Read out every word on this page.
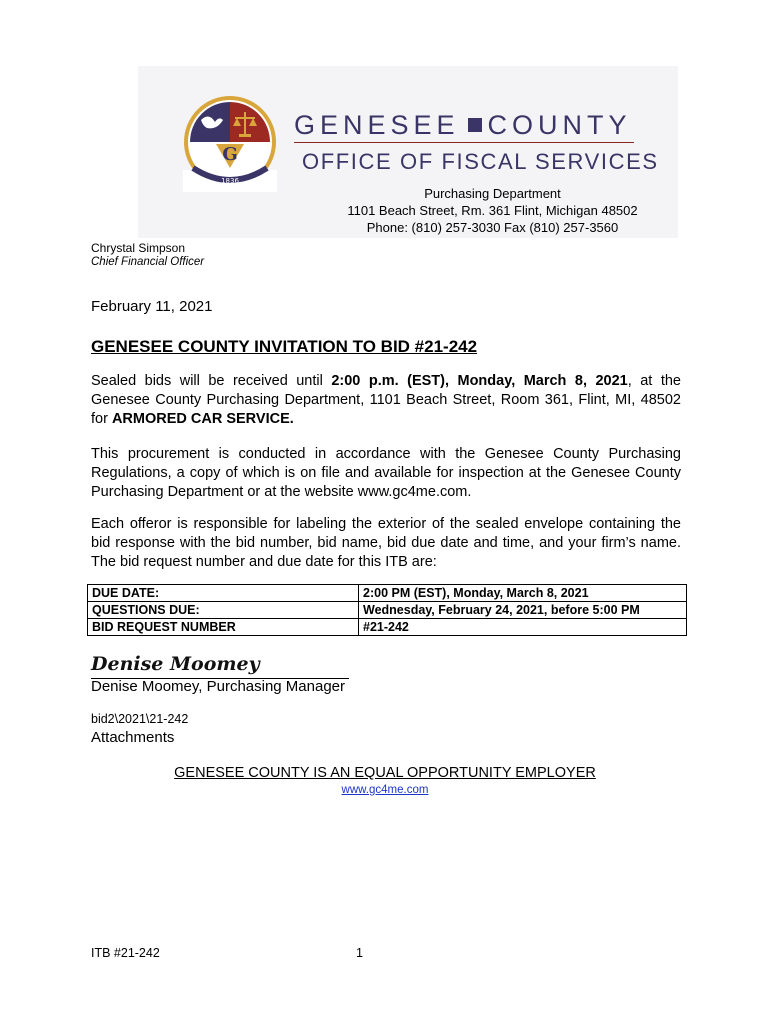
G
1836
GENESEE COUNTY
OFFICE OF FISCAL SERVICES
Purchasing Department
1101 Beach Street, Rm. 361 Flint, Michigan 48502
Phone: (810) 257-3030 Fax (810) 257-3560
Chrystal Simpson
Chief Financial Officer
February 11, 2021
GENESEE COUNTY INVITATION TO BID #21-242
Sealed bids will be received until 2:00 p.m. (EST), Monday, March 8, 2021, at the Genesee County Purchasing Department, 1101 Beach Street, Room 361, Flint, MI, 48502 for ARMORED CAR SERVICE.
This procurement is conducted in accordance with the Genesee County Purchasing Regulations, a copy of which is on file and available for inspection at the Genesee County Purchasing Department or at the website www.gc4me.com.
Each offeror is responsible for labeling the exterior of the sealed envelope containing the bid response with the bid number, bid name, bid due date and time, and your firm’s name. The bid request number and due date for this ITB are:
DUE DATE:	2:00 PM (EST), Monday, March 8, 2021
QUESTIONS DUE:	Wednesday, February 24, 2021, before 5:00 PM
BID REQUEST NUMBER	#21-242
Denise Moomey
Denise Moomey, Purchasing Manager
bid2\2021\21-242
Attachments
GENESEE COUNTY IS AN EQUAL OPPORTUNITY EMPLOYER
www.gc4me.com
ITB #21-242	1
